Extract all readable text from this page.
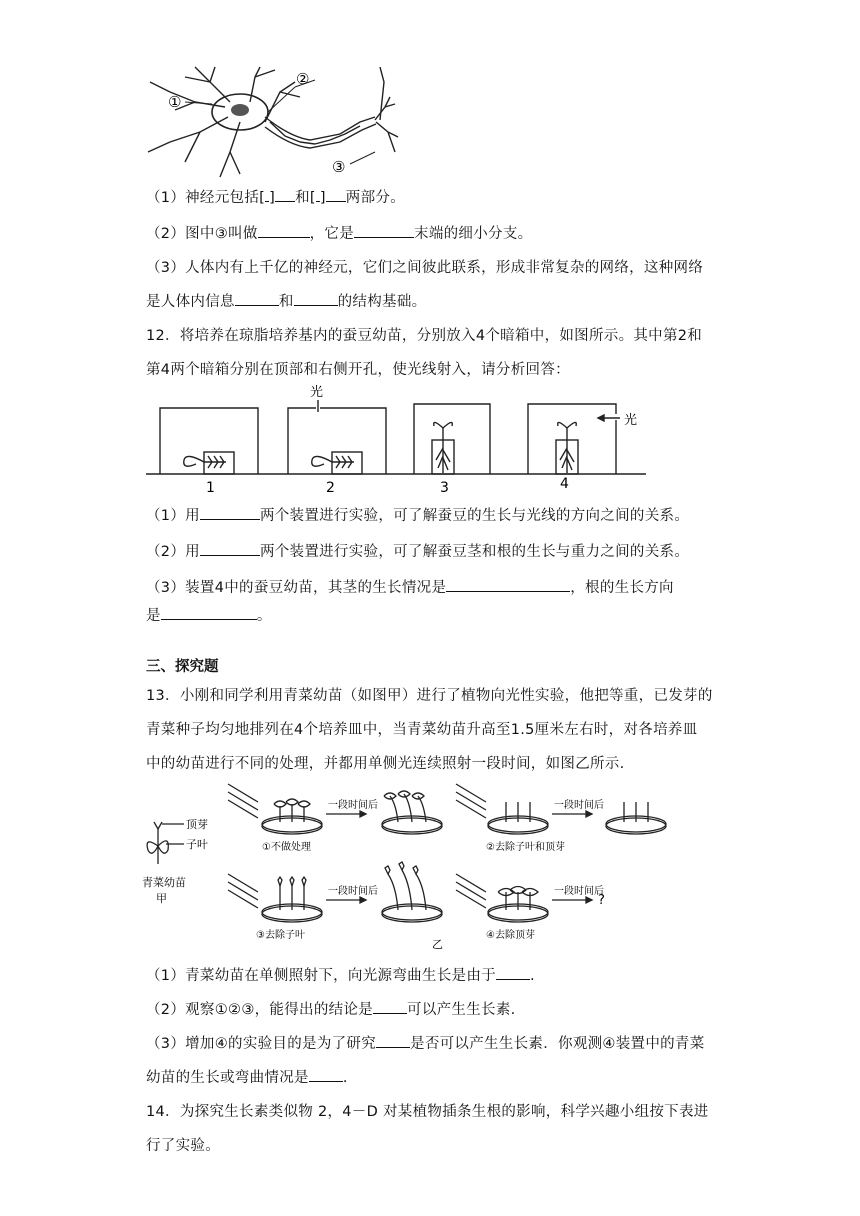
①
②
③
（1）神经元包括[ ] 和[ ] 两部分。
（2）图中③叫做	，它是	末端的细小分支。
（3）人体内有上千亿的神经元，它们之间彼此联系，形成非常复杂的网络，这种网络
是人体内信息	和	的结构基础。
12．将培养在琼脂培养基内的蚕豆幼苗，分别放入4个暗箱中，如图所示。其中第2和
第4两个暗箱分别在顶部和右侧开孔，使光线射入，请分析回答：
光
光
1	2	3	4
（1）用	两个装置进行实验，可了解蚕豆的生长与光线的方向之间的关系。
（2）用	两个装置进行实验，可了解蚕豆茎和根的生长与重力之间的关系。
（3）装置4中的蚕豆幼苗，其茎的生长情况是	，根的生长方向
是	。
三、探究题
13．小刚和同学利用青菜幼苗（如图甲）进行了植物向光性实验，他把等重，已发芽的
青菜种子均匀地排列在4个培养皿中，当青菜幼苗升高至1.5厘米左右时，对各培养皿
中的幼苗进行不同的处理，并都用单侧光连续照射一段时间，如图乙所示.
顶芽
子叶
青菜幼苗
甲
一段时间后	一段时间后
一段时间后	一段时间后
①不做处理	②去除子叶和顶芽
③去除子叶	④去除顶芽
?
乙
（1）青菜幼苗在单侧照射下，向光源弯曲生长是由于 .
（2）观察①②③，能得出的结论是 可以产生生长素.
（3）增加④的实验目的是为了研究 是否可以产生生长素．你观测④装置中的青菜
幼苗的生长或弯曲情况是 .
14．为探究生长素类似物 2，4－D 对某植物插条生根的影响，科学兴趣小组按下表进
行了实验。
